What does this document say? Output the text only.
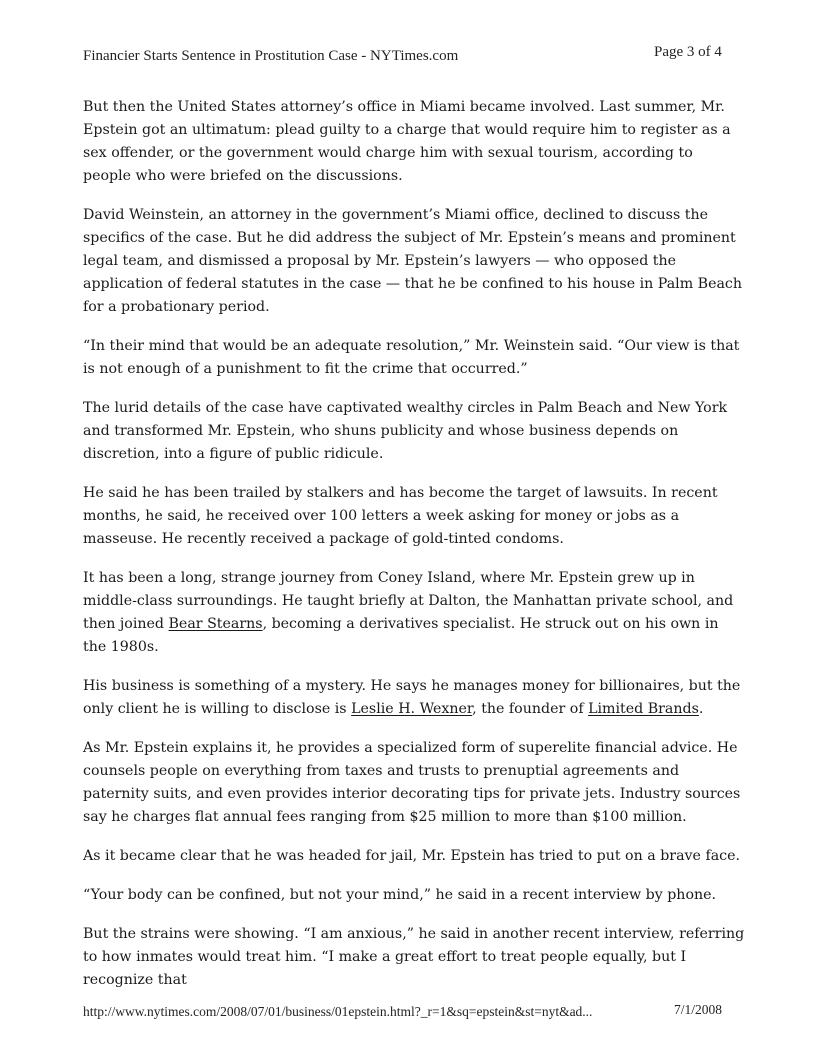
Financier Starts Sentence in Prostitution Case - NYTimes.com	Page 3 of 4

But then the United States attorney’s office in Miami became involved. Last summer, Mr. Epstein got an ultimatum: plead guilty to a charge that would require him to register as a sex offender, or the government would charge him with sexual tourism, according to people who were briefed on the discussions.

David Weinstein, an attorney in the government’s Miami office, declined to discuss the specifics of the case. But he did address the subject of Mr. Epstein’s means and prominent legal team, and dismissed a proposal by Mr. Epstein’s lawyers — who opposed the application of federal statutes in the case — that he be confined to his house in Palm Beach for a probationary period.

“In their mind that would be an adequate resolution,” Mr. Weinstein said. “Our view is that is not enough of a punishment to fit the crime that occurred.”

The lurid details of the case have captivated wealthy circles in Palm Beach and New York and transformed Mr. Epstein, who shuns publicity and whose business depends on discretion, into a figure of public ridicule.

He said he has been trailed by stalkers and has become the target of lawsuits. In recent months, he said, he received over 100 letters a week asking for money or jobs as a masseuse. He recently received a package of gold-tinted condoms.

It has been a long, strange journey from Coney Island, where Mr. Epstein grew up in middle-class surroundings. He taught briefly at Dalton, the Manhattan private school, and then joined Bear Stearns, becoming a derivatives specialist. He struck out on his own in the 1980s.

His business is something of a mystery. He says he manages money for billionaires, but the only client he is willing to disclose is Leslie H. Wexner, the founder of Limited Brands.

As Mr. Epstein explains it, he provides a specialized form of superelite financial advice. He counsels people on everything from taxes and trusts to prenuptial agreements and paternity suits, and even provides interior decorating tips for private jets. Industry sources say he charges flat annual fees ranging from $25 million to more than $100 million.

As it became clear that he was headed for jail, Mr. Epstein has tried to put on a brave face.

“Your body can be confined, but not your mind,” he said in a recent interview by phone.

But the strains were showing. “I am anxious,” he said in another recent interview, referring to how inmates would treat him. “I make a great effort to treat people equally, but I recognize that

http://www.nytimes.com/2008/07/01/business/01epstein.html?_r=1&sq=epstein&st=nyt&ad...	7/1/2008
